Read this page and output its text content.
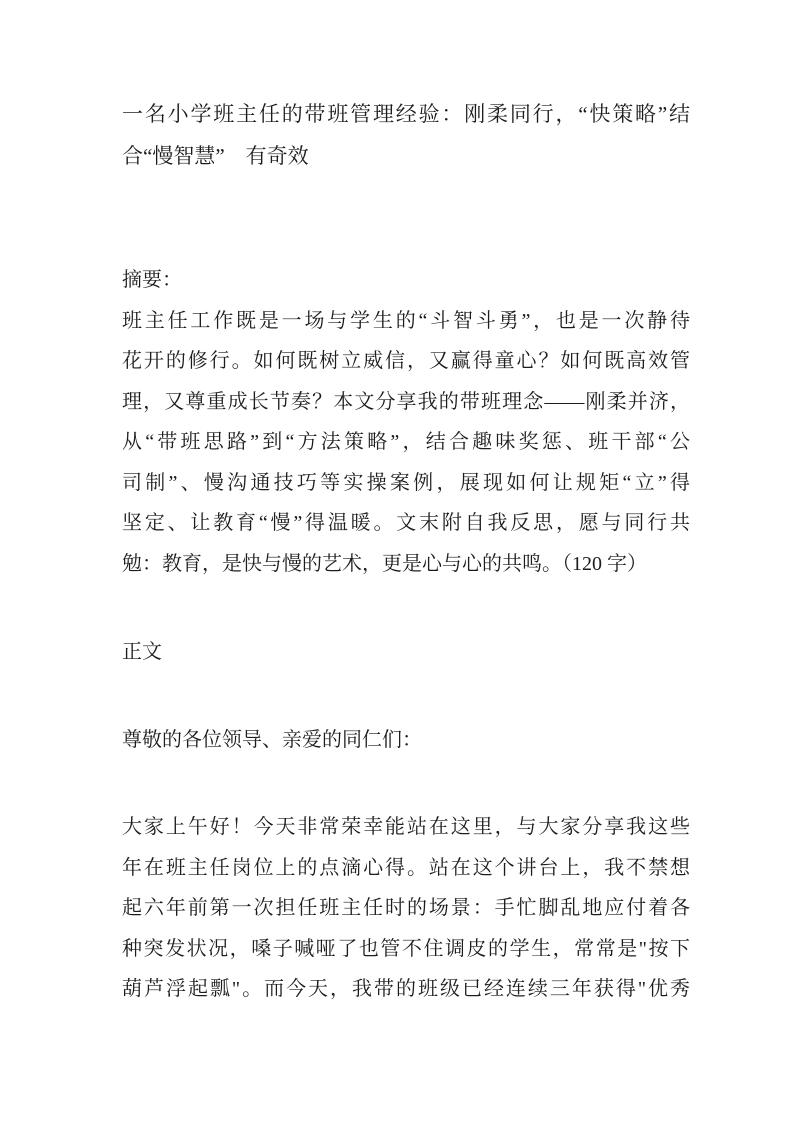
一名小学班主任的带班管理经验：刚柔同行，“快策略”结
合“慢智慧”　有奇效
摘要：
班主任工作既是一场与学生的“斗智斗勇”，也是一次静待
花开的修行。如何既树立威信，又赢得童心？如何既高效管
理，又尊重成长节奏？本文分享我的带班理念——刚柔并济，
从“带班思路”到“方法策略”，结合趣味奖惩、班干部“公
司制”、慢沟通技巧等实操案例，展现如何让规矩“立”得
坚定、让教育“慢”得温暖。文末附自我反思，愿与同行共
勉：教育，是快与慢的艺术，更是心与心的共鸣。（120 字）
正文
尊敬的各位领导、亲爱的同仁们：
大家上午好！今天非常荣幸能站在这里，与大家分享我这些
年在班主任岗位上的点滴心得。站在这个讲台上，我不禁想
起六年前第一次担任班主任时的场景：手忙脚乱地应付着各
种突发状况，嗓子喊哑了也管不住调皮的学生，常常是"按下
葫芦浮起瓢"。而今天，我带的班级已经连续三年获得"优秀
